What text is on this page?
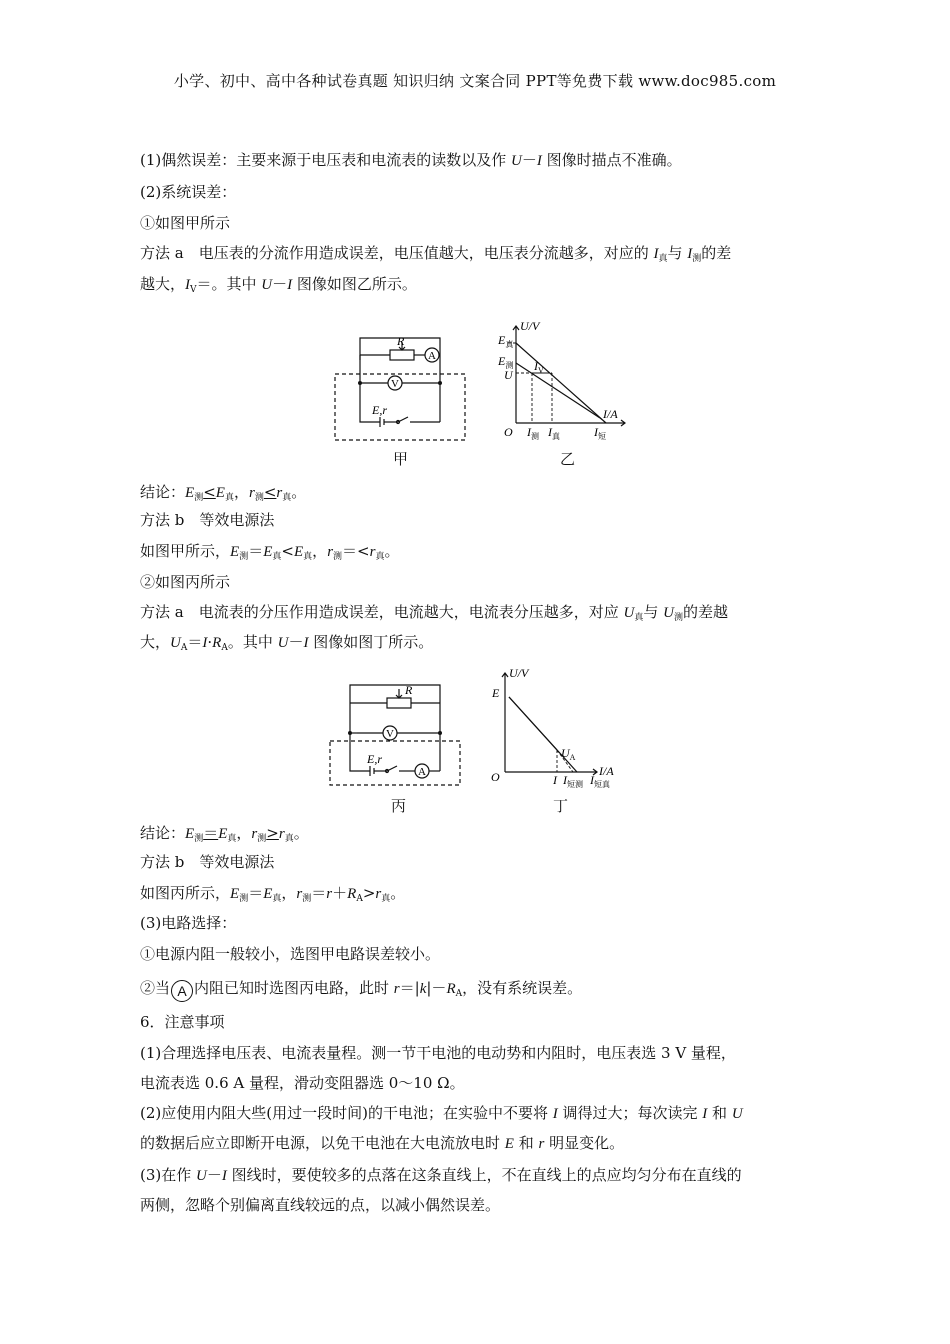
小学、初中、高中各种试卷真题 知识归纳 文案合同 PPT等免费下载 www.doc985.com
(1)偶然误差：主要来源于电压表和电流表的读数以及作 U－I 图像时描点不准确。
(2)系统误差：
①如图甲所示
方法 a　电压表的分流作用造成误差，电压值越大，电压表分流越多，对应的 $I_真$与 $I_测$的差
越大，$I_V=$。其中 U－I 图像如图乙所示。
R
A
V
E,r
甲
U/V
I/A
$E_真$
$E_测$
U
$I_V$
O $I_测$ $I_真$	$I_短$
乙
结论：$E_测<E_真$，$r_测<r_真$。
方法 b　等效电源法
如图甲所示，$E_测=E_真<E_真$，$r_测=<r_真$。
②如图丙所示
方法 a　电流表的分压作用造成误差，电流越大，电流表分压越多，对应 $U_真$与 $U_测$的差越
大，$U_A=I\cdot R_A$。其中 U－I 图像如图丁所示。
R
V
A
E,r
丙
U/V
I/A
E
O
$U_A$
I $I_{短测}$ $I_{短真}$
丁
结论：$E_测=E_真$，$r_测>r_真$。
方法 b　等效电源法
如图丙所示，$E_测=E_真$，$r_测=r+R_A>r_真$。
(3)电路选择：
①电源内阻一般较小，选图甲电路误差较小。
②当 A 内阻已知时选图丙电路，此时 $r=|k|-R_A$，没有系统误差。
6．注意事项
(1)合理选择电压表、电流表量程。测一节干电池的电动势和内阻时，电压表选 3 V 量程，
电流表选 0.6 A 量程，滑动变阻器选 0～10 Ω。
(2)应使用内阻大些(用过一段时间)的干电池；在实验中不要将 I 调得过大；每次读完 I 和 U
的数据后应立即断开电源，以免干电池在大电流放电时 E 和 r 明显变化。
(3)在作 U－I 图线时，要使较多的点落在这条直线上，不在直线上的点应均匀分布在直线的
两侧，忽略个别偏离直线较远的点，以减小偶然误差。
